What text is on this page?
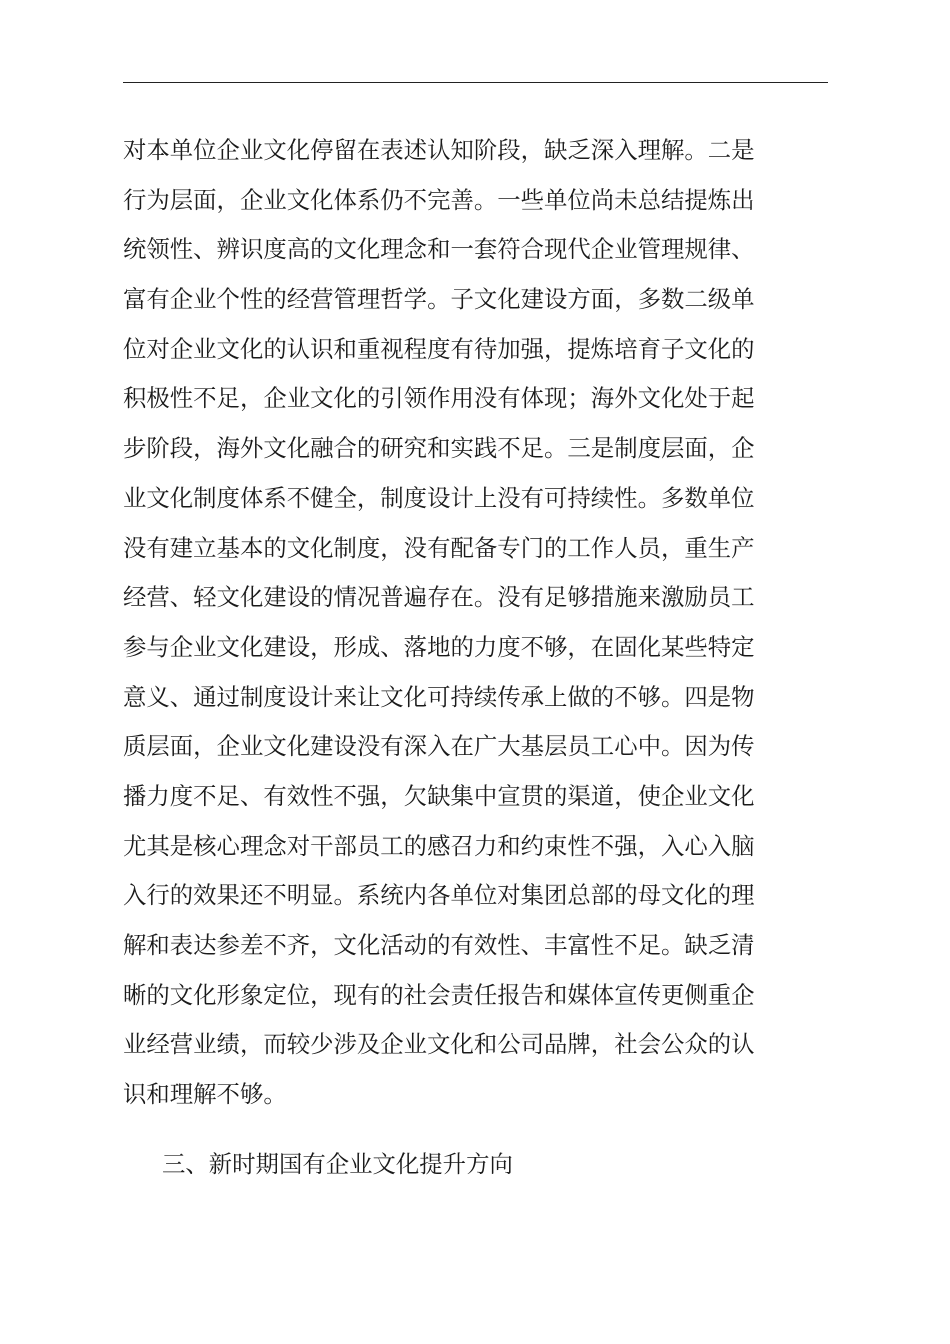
对本单位企业文化停留在表述认知阶段，缺乏深入理解。二是
行为层面，企业文化体系仍不完善。一些单位尚未总结提炼出
统领性、辨识度高的文化理念和一套符合现代企业管理规律、
富有企业个性的经营管理哲学。子文化建设方面，多数二级单
位对企业文化的认识和重视程度有待加强，提炼培育子文化的
积极性不足，企业文化的引领作用没有体现；海外文化处于起
步阶段，海外文化融合的研究和实践不足。三是制度层面，企
业文化制度体系不健全，制度设计上没有可持续性。多数单位
没有建立基本的文化制度，没有配备专门的工作人员，重生产
经营、轻文化建设的情况普遍存在。没有足够措施来激励员工
参与企业文化建设，形成、落地的力度不够，在固化某些特定
意义、通过制度设计来让文化可持续传承上做的不够。四是物
质层面，企业文化建设没有深入在广大基层员工心中。因为传
播力度不足、有效性不强，欠缺集中宣贯的渠道，使企业文化
尤其是核心理念对干部员工的感召力和约束性不强，入心入脑
入行的效果还不明显。系统内各单位对集团总部的母文化的理
解和表达参差不齐，文化活动的有效性、丰富性不足。缺乏清
晰的文化形象定位，现有的社会责任报告和媒体宣传更侧重企
业经营业绩，而较少涉及企业文化和公司品牌，社会公众的认
识和理解不够。
三、新时期国有企业文化提升方向
